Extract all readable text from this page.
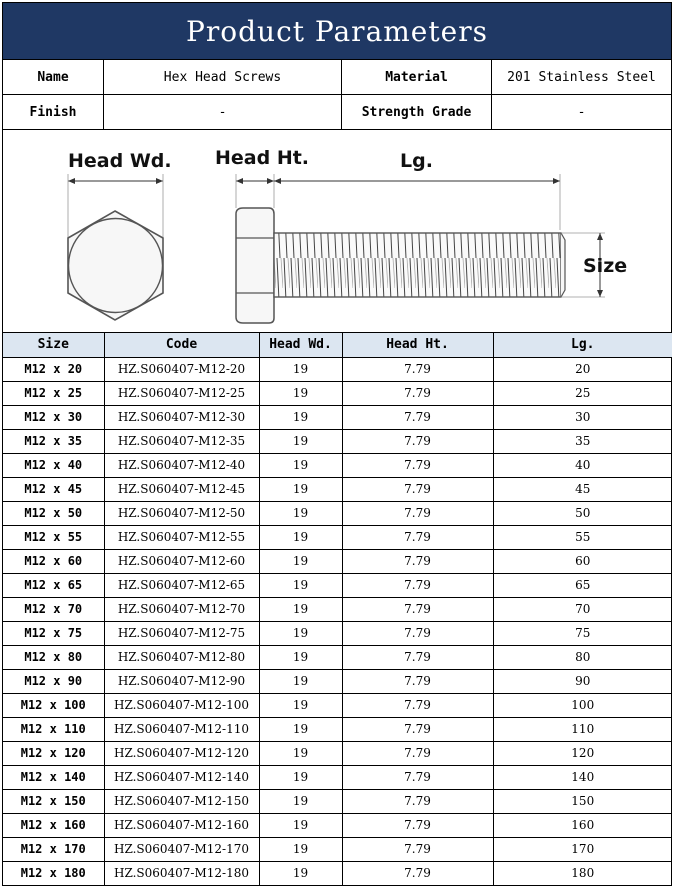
Product Parameters
Name	Hex Head Screws	Material	201 Stainless Steel
Finish	-	Strength Grade	-
Head Wd. Head Ht.	Lg.
Size
Size	Code	Head Wd.	Head Ht.	Lg.
M12 x 20	HZ.S060407-M12-20	19	7.79	20
M12 x 25	HZ.S060407-M12-25	19	7.79	25
M12 x 30	HZ.S060407-M12-30	19	7.79	30
M12 x 35	HZ.S060407-M12-35	19	7.79	35
M12 x 40	HZ.S060407-M12-40	19	7.79	40
M12 x 45	HZ.S060407-M12-45	19	7.79	45
M12 x 50	HZ.S060407-M12-50	19	7.79	50
M12 x 55	HZ.S060407-M12-55	19	7.79	55
M12 x 60	HZ.S060407-M12-60	19	7.79	60
M12 x 65	HZ.S060407-M12-65	19	7.79	65
M12 x 70	HZ.S060407-M12-70	19	7.79	70
M12 x 75	HZ.S060407-M12-75	19	7.79	75
M12 x 80	HZ.S060407-M12-80	19	7.79	80
M12 x 90	HZ.S060407-M12-90	19	7.79	90
M12 x 100	HZ.S060407-M12-100	19	7.79	100
M12 x 110	HZ.S060407-M12-110	19	7.79	110
M12 x 120	HZ.S060407-M12-120	19	7.79	120
M12 x 140	HZ.S060407-M12-140	19	7.79	140
M12 x 150	HZ.S060407-M12-150	19	7.79	150
M12 x 160	HZ.S060407-M12-160	19	7.79	160
M12 x 170	HZ.S060407-M12-170	19	7.79	170
M12 x 180	HZ.S060407-M12-180	19	7.79	180
